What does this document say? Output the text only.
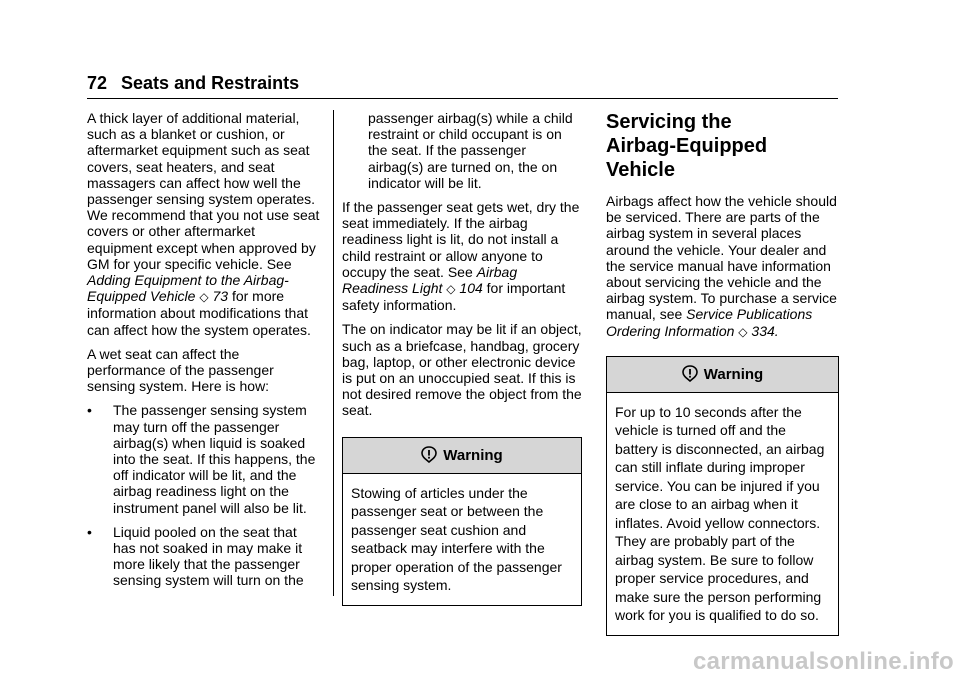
72 Seats and Restraints

A thick layer of additional material, such as a blanket or cushion, or aftermarket equipment such as seat covers, seat heaters, and seat massagers can affect how well the passenger sensing system operates. We recommend that you not use seat covers or other aftermarket equipment except when approved by GM for your specific vehicle. See Adding Equipment to the Airbag-Equipped Vehicle ◇ 73 for more information about modifications that can affect how the system operates.

A wet seat can affect the performance of the passenger sensing system. Here is how:

• The passenger sensing system may turn off the passenger airbag(s) when liquid is soaked into the seat. If this happens, the off indicator will be lit, and the airbag readiness light on the instrument panel will also be lit.
• Liquid pooled on the seat that has not soaked in may make it more likely that the passenger sensing system will turn on the

passenger airbag(s) while a child restraint or child occupant is on the seat. If the passenger airbag(s) are turned on, the on indicator will be lit.

If the passenger seat gets wet, dry the seat immediately. If the airbag readiness light is lit, do not install a child restraint or allow anyone to occupy the seat. See Airbag Readiness Light ◇ 104 for important safety information.

The on indicator may be lit if an object, such as a briefcase, handbag, grocery bag, laptop, or other electronic device is put on an unoccupied seat. If this is not desired remove the object from the seat.

Warning
Stowing of articles under the passenger seat or between the passenger seat cushion and seatback may interfere with the proper operation of the passenger sensing system.
Servicing the
Airbag-Equipped Vehicle

Airbags affect how the vehicle should be serviced. There are parts of the airbag system in several places around the vehicle. Your dealer and the service manual have information about servicing the vehicle and the airbag system. To purchase a service manual, see Service Publications Ordering Information ◇ 334.

Warning
For up to 10 seconds after the vehicle is turned off and the battery is disconnected, an airbag can still inflate during improper service. You can be injured if you are close to an airbag when it inflates. Avoid yellow connectors. They are probably part of the airbag system. Be sure to follow proper service procedures, and make sure the person performing work for you is qualified to do so.
carmanualsonline.info
